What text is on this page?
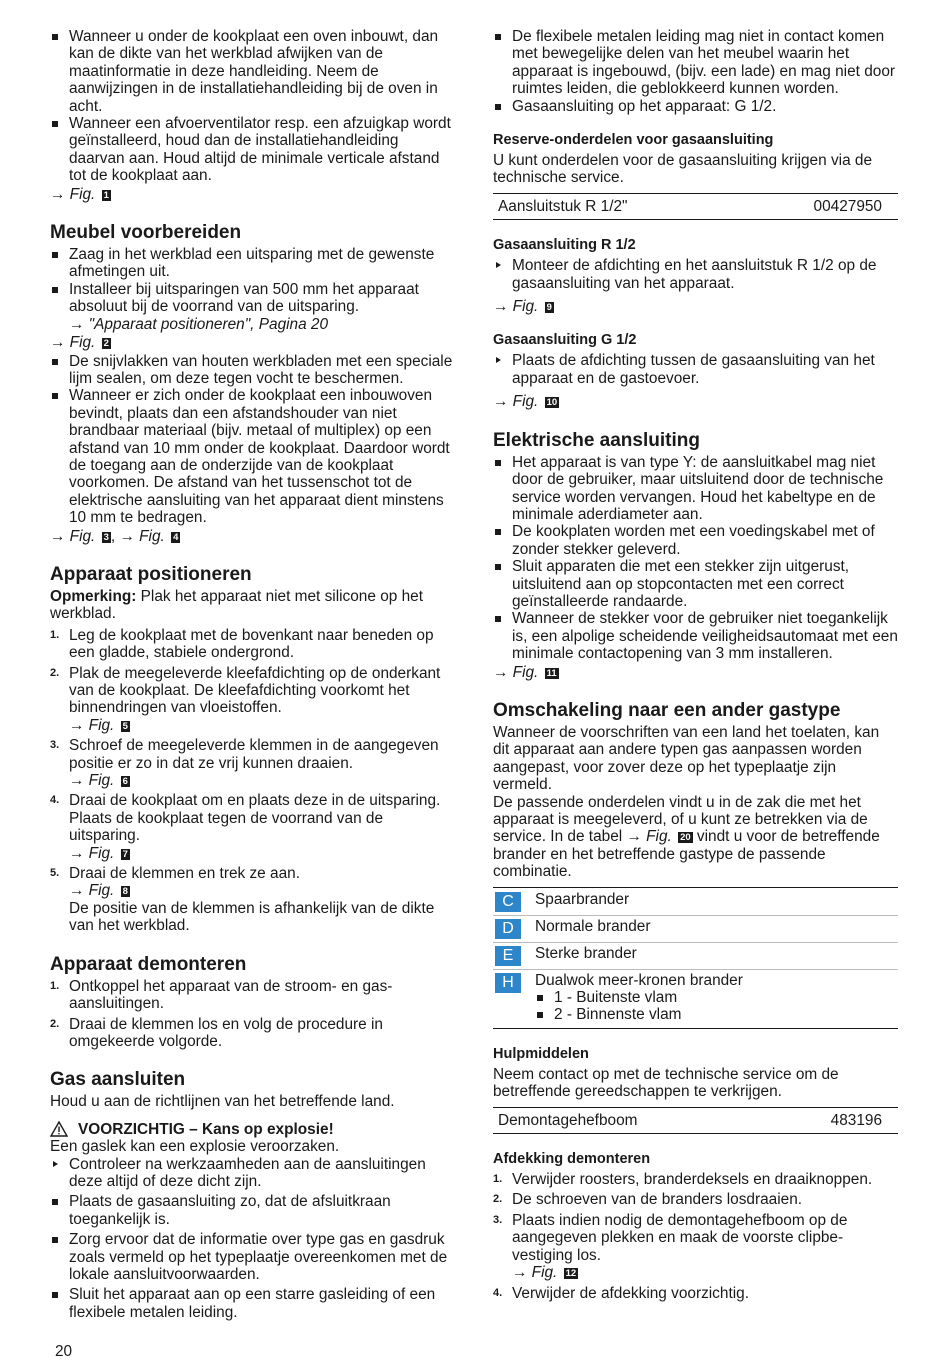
Wanneer u onder de kookplaat een oven inbouwt, dan kan de dikte van het werkblad afwijken van de maatinformatie in deze handleiding. Neem de aanwijzingen in de installatiehandleiding bij de oven in acht.
Wanneer een afvoerventilator resp. een afzuigkap wordt geïnstalleerd, houd dan de installatiehandleiding daarvan aan. Houd altijd de minimale verticale afstand tot de kookplaat aan.

→ Fig. 1

Meubel voorbereiden
Zaag in het werkblad een uitsparing met de gewenste afmetingen uit.
Installeer bij uitsparingen van 500 mm het apparaat absoluut bij de voorrand van de uitsparing.
→ "Apparaat positioneren", Pagina 20

→ Fig. 2

De snijvlakken van houten werkbladen met een speciale lijm sealen, om deze tegen vocht te beschermen.
Wanneer er zich onder de kookplaat een inbouwoven bevindt, plaats dan een afstandshouder van niet brandbaar materiaal (bijv. metaal of multiplex) op een afstand van 10 mm onder de kookplaat. Daardoor wordt de toegang aan de onderzijde van de kookplaat voorkomen. De afstand van het tussenschot tot de elektrische aansluiting van het apparaat dient minstens 10 mm te bedragen.

→ Fig. 3 , → Fig. 4

Apparaat positioneren

Opmerking: Plak het apparaat niet met silicone op het werkblad.

1. Leg de kookplaat met de bovenkant naar beneden op een gladde, stabiele ondergrond.
2. Plak de meegeleverde kleefafdichting op de onderkant van de kookplaat. De kleefafdichting voorkomt het binnendringen van vloeistoffen.
→ Fig. 5
3. Schroef de meegeleverde klemmen in de aangegeven positie er zo in dat ze vrij kunnen draaien.
→ Fig. 6
4. Draai de kookplaat om en plaats deze in de uitsparing. Plaats de kookplaat tegen de voorrand van de uitsparing.
→ Fig. 7
5. Draai de klemmen en trek ze aan.
→ Fig. 8
De positie van de klemmen is afhankelijk van de dikte van het werkblad.
Apparaat demonteren
1. Ontkoppel het apparaat van de stroom- en gasaansluitingen.
2. Draai de klemmen los en volg de procedure in omgekeerde volgorde.
Gas aansluiten

Houd u aan de richtlijnen van het betreffende land.

VOORZICHTIG – Kans op explosie!

Een gaslek kan een explosie veroorzaken.

Controleer na werkzaamheden aan de aansluitingen deze altijd of deze dicht zijn.
Plaats de gasaansluiting zo, dat de afsluitkraan toegankelijk is.
Zorg ervoor dat de informatie over type gas en gasdruk zoals vermeld op het typeplaatje overeenkomen met de lokale aansluitvoorwaarden.
Sluit het apparaat aan op een starre gasleiding of een flexibele metalen leiding.
De flexibele metalen leiding mag niet in contact komen met bewegelijke delen van het meubel waarin het apparaat is ingebouwd, (bijv. een lade) en mag niet door ruimtes leiden, die geblokkeerd kunnen worden.
Gasaansluiting op het apparaat: G 1/2.
Reserve-onderdelen voor gasaansluiting

U kunt onderdelen voor de gasaansluiting krijgen via de technische service.

Aansluitstuk R 1/2"	00427950
Gasaansluiting R 1/2
Monteer de afdichting en het aansluitstuk R 1/2 op de gasaansluiting van het apparaat.

→ Fig. 9

Gasaansluiting G 1/2
Plaats de afdichting tussen de gasaansluiting van het apparaat en de gastoevoer.

→ Fig. 10

Elektrische aansluiting
Het apparaat is van type Y: de aansluitkabel mag niet door de gebruiker, maar uitsluitend door de technische service worden vervangen. Houd het kabeltype en de minimale aderdiameter aan.
De kookplaten worden met een voedingskabel met of zonder stekker geleverd.
Sluit apparaten die met een stekker zijn uitgerust, uitsluitend aan op stopcontacten met een correct geïnstalleerde randaarde.
Wanneer de stekker voor de gebruiker niet toegankelijk is, een alpolige scheidende veiligheidsautomaat met een minimale contactopening van 3 mm installeren.

→ Fig. 11

Omschakeling naar een ander gastype

Wanneer de voorschriften van een land het toelaten, kan dit apparaat aan andere typen gas aanpassen worden aangepast, voor zover deze op het typeplaatje zijn vermeld.

De passende onderdelen vindt u in de zak die met het apparaat is meegeleverd, of u kunt ze betrekken via de service. In de tabel → Fig. 20 vindt u voor de betreffende brander en het betreffende gastype de passende combinatie.

C	Spaarbrander
D	Normale brander
E	Sterke brander
H	Dualwok meer-kronen brander
1 - Buitenste vlam
2 - Binnenste vlam
Hulpmiddelen

Neem contact op met de technische service om de betreffende gereedschappen te verkrijgen.

Demontagehefboom	483196
Afdekking demonteren
1. Verwijder roosters, branderdeksels en draaiknoppen.
2. De schroeven van de branders losdraaien.
3. Plaats indien nodig de demontagehefboom op de aangegeven plekken en maak de voorste clipbevestiging los.
→ Fig. 12
4. Verwijder de afdekking voorzichtig.
20
